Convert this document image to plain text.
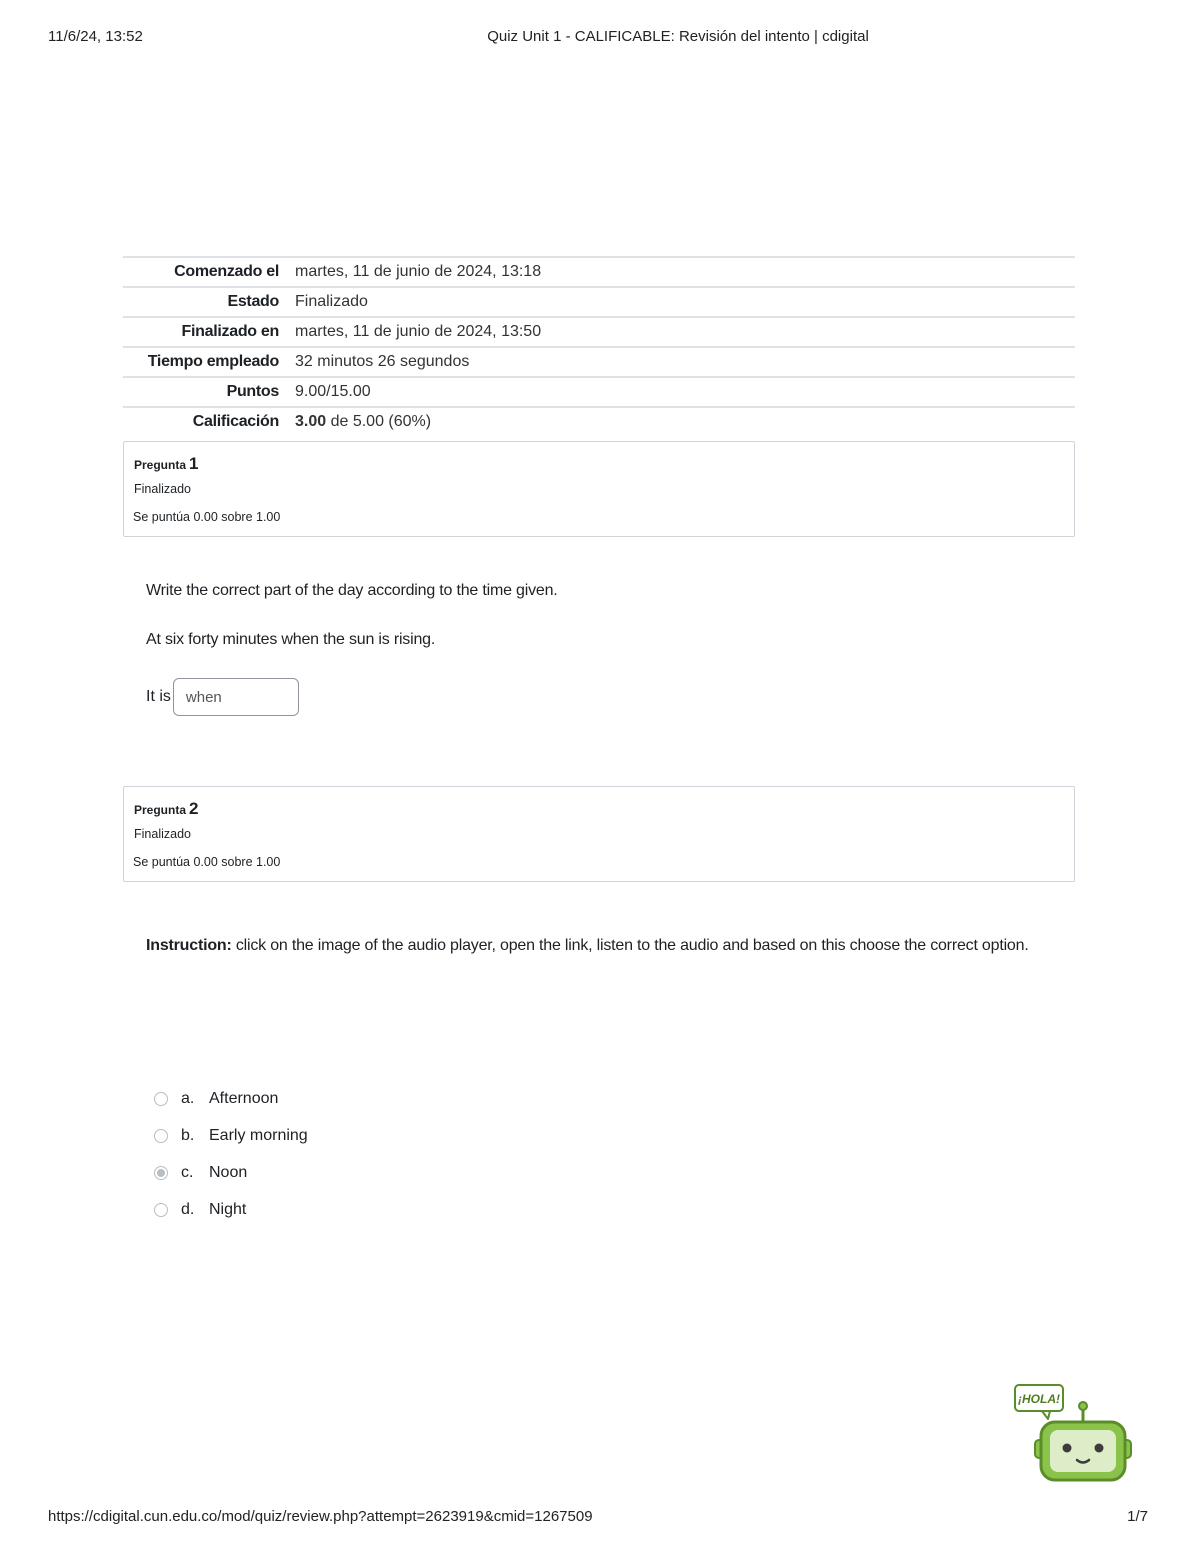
11/6/24, 13:52	Quiz Unit 1 - CALIFICABLE: Revisión del intento | cdigital
Comenzado el	martes, 11 de junio de 2024, 13:18
Estado	Finalizado
Finalizado en	martes, 11 de junio de 2024, 13:50
Tiempo empleado	32 minutos 26 segundos
Puntos	9.00/15.00
Calificación	3.00 de 5.00 (60%)
Pregunta 1
Finalizado
Se puntúa 0.00 sobre 1.00
Write the correct part of the day according to the time given.
At six forty minutes when the sun is rising.
It is
when
Pregunta 2
Finalizado
Se puntúa 0.00 sobre 1.00
Instruction: click on the image of the audio player, open the link, listen to the audio and based on this choose the correct option.
a. Afternoon
b. Early morning
c. Noon
d. Night
¡HOLA!
https://cdigital.cun.edu.co/mod/quiz/review.php?attempt=2623919&cmid=1267509	1/7
